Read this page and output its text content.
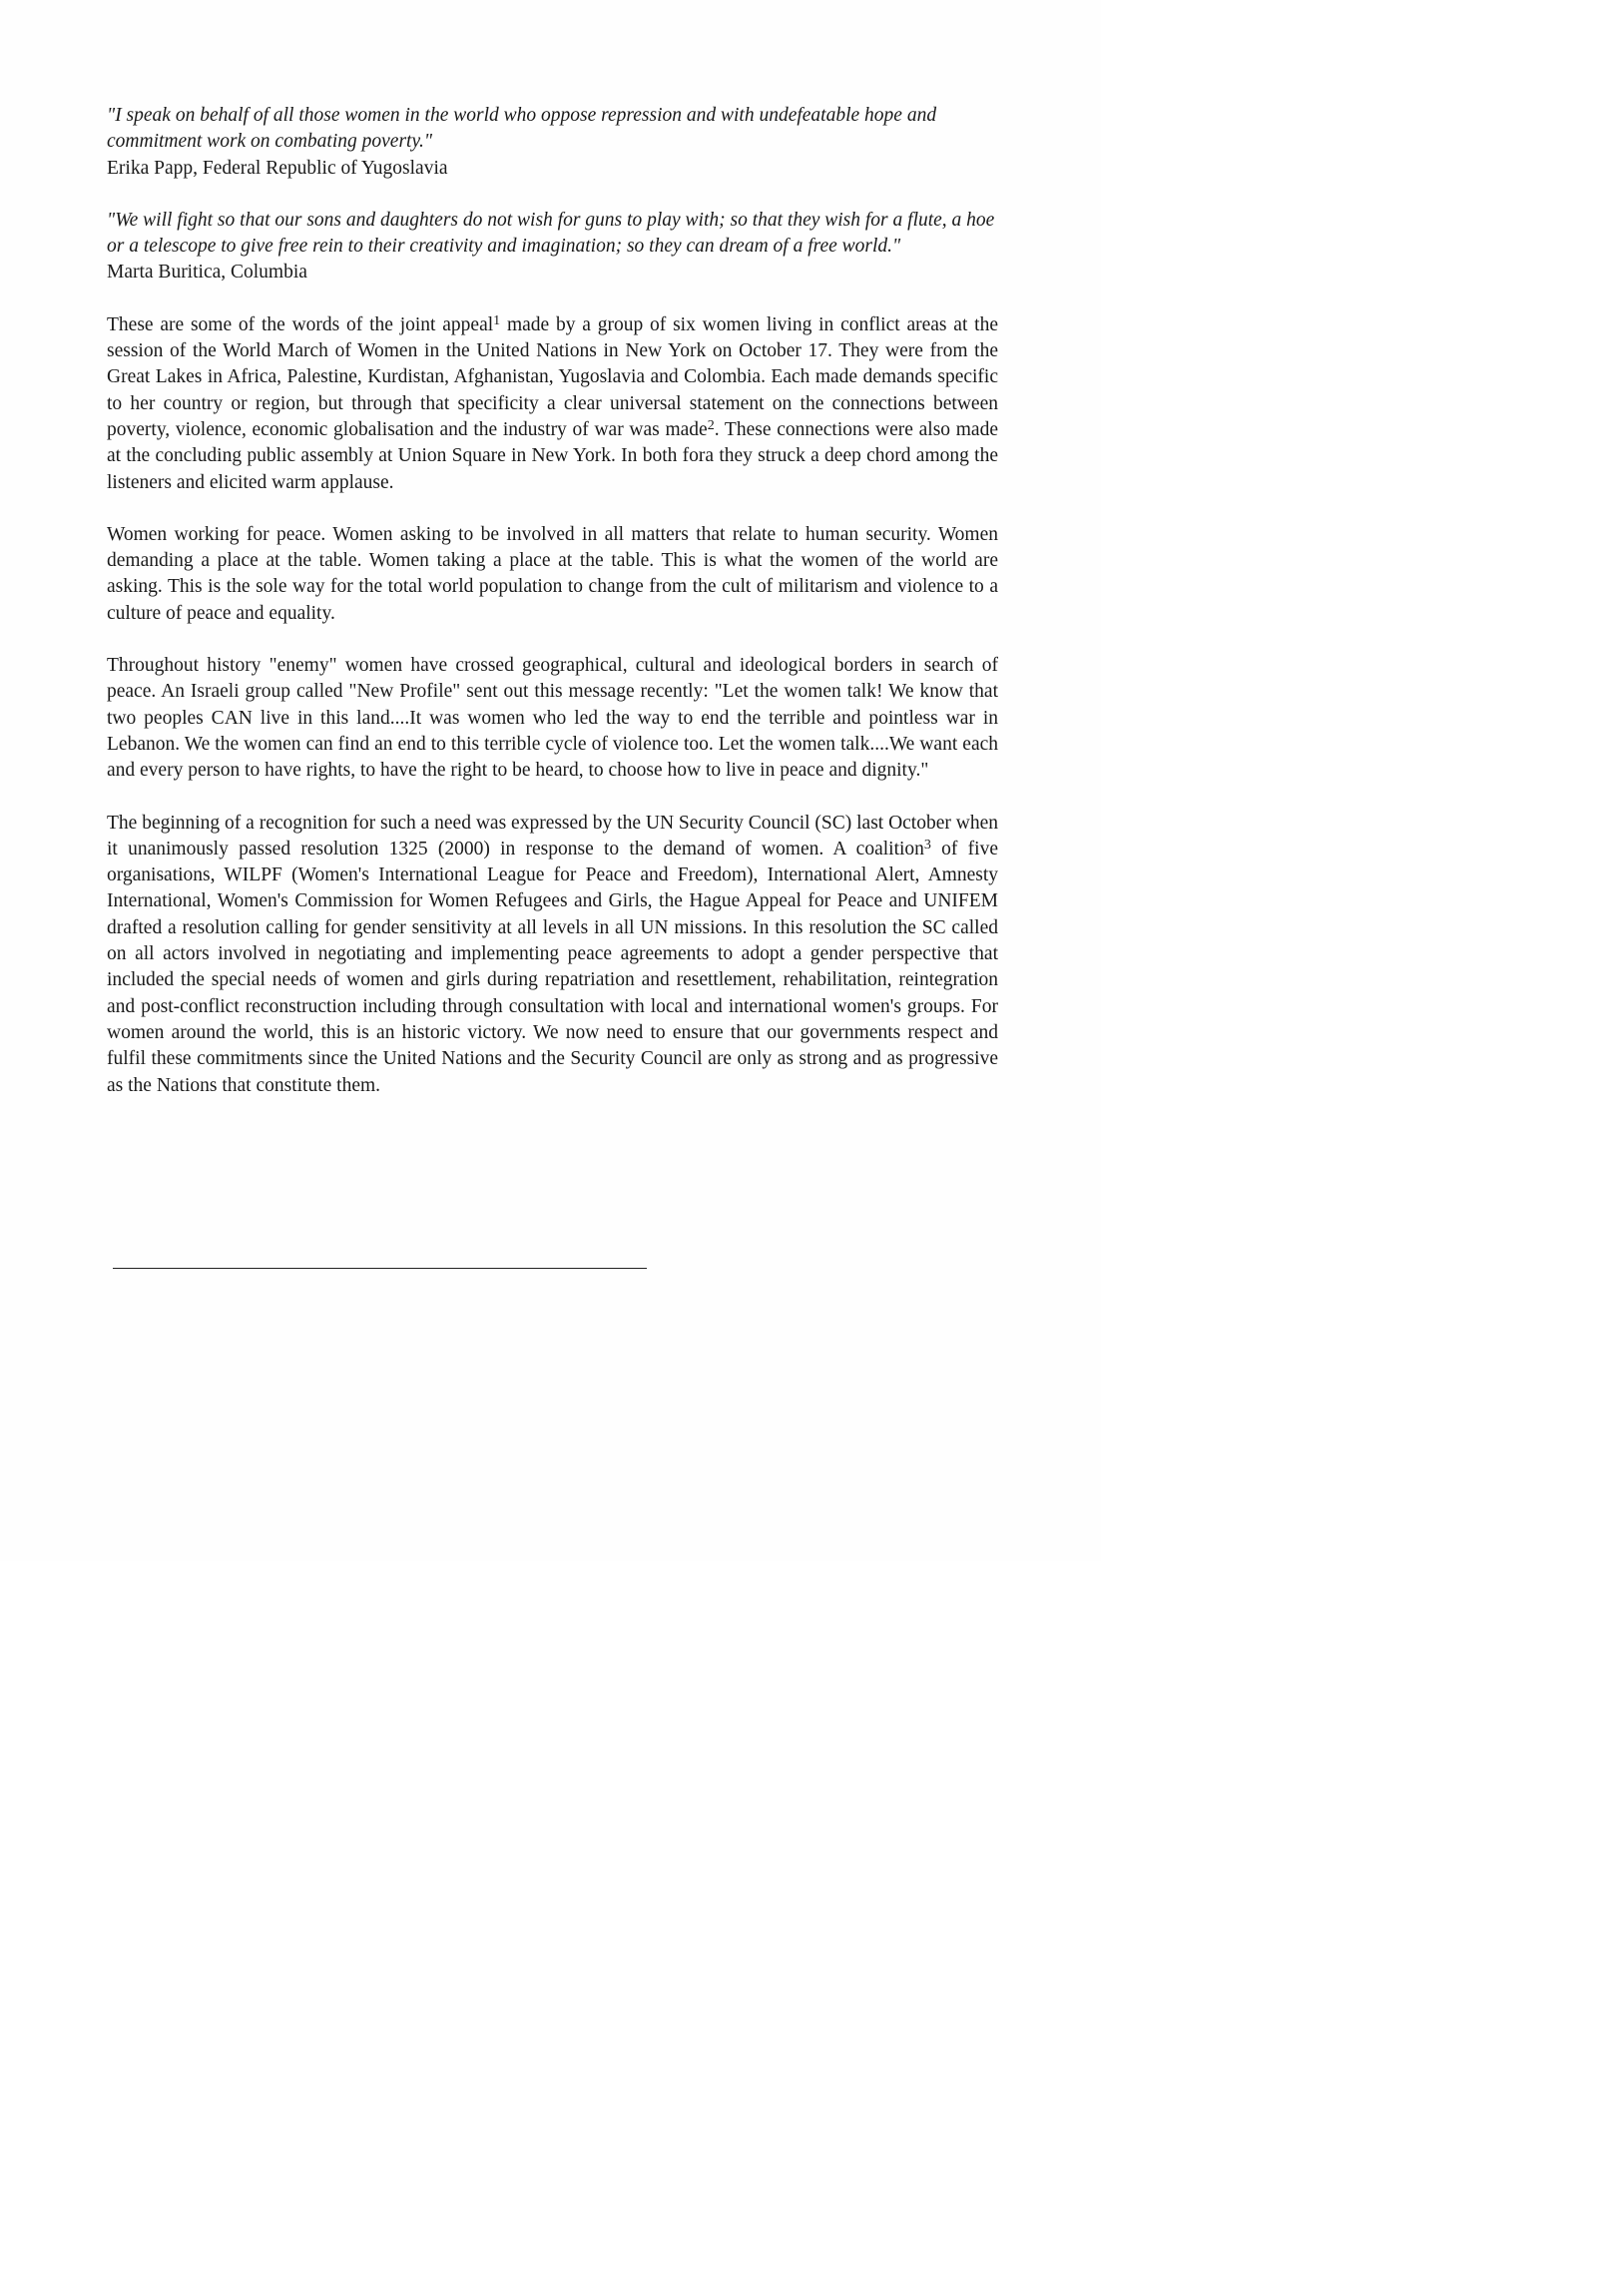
"I speak on behalf of all those women in the world who oppose repression and with undefeatable hope and commitment work on combating poverty."

Erika Papp, Federal Republic of Yugoslavia

"We will fight so that our sons and daughters do not wish for guns to play with; so that they wish for a flute, a hoe or a telescope to give free rein to their creativity and imagination; so they can dream of a free world."

Marta Buritica, Columbia

These are some of the words of the joint appeal$^1$ made by a group of six women living in conflict areas at the session of the World March of Women in the United Nations in New York on October 17. They were from the Great Lakes in Africa, Palestine, Kurdistan, Afghanistan, Yugoslavia and Colombia. Each made demands specific to her country or region, but through that specificity a clear universal statement on the connections between poverty, violence, economic globalisation and the industry of war was made$^2$. These connections were also made at the concluding public assembly at Union Square in New York. In both fora they struck a deep chord among the listeners and elicited warm applause.

Women working for peace. Women asking to be involved in all matters that relate to human security. Women demanding a place at the table. Women taking a place at the table. This is what the women of the world are asking. This is the sole way for the total world population to change from the cult of militarism and violence to a culture of peace and equality.

Throughout history "enemy" women have crossed geographical, cultural and ideological borders in search of peace. An Israeli group called "New Profile" sent out this message recently: "Let the women talk! We know that two peoples CAN live in this land....It was women who led the way to end the terrible and pointless war in Lebanon. We the women can find an end to this terrible cycle of violence too. Let the women talk....We want each and every person to have rights, to have the right to be heard, to choose how to live in peace and dignity."

The beginning of a recognition for such a need was expressed by the UN Security Council (SC) last October when it unanimously passed resolution 1325 (2000) in response to the demand of women. A coalition$^3$ of five organisations, WILPF (Women's International League for Peace and Freedom), International Alert, Amnesty International, Women's Commission for Women Refugees and Girls, the Hague Appeal for Peace and UNIFEM drafted a resolution calling for gender sensitivity at all levels in all UN missions. In this resolution the SC called on all actors involved in negotiating and implementing peace agreements to adopt a gender perspective that included the special needs of women and girls during repatriation and resettlement, rehabilitation, reintegration and post-conflict reconstruction including through consultation with local and international women's groups. For women around the world, this is an historic victory. We now need to ensure that our governments respect and fulfil these commitments since the United Nations and the Security Council are only as strong and as progressive as the Nations that constitute them.
